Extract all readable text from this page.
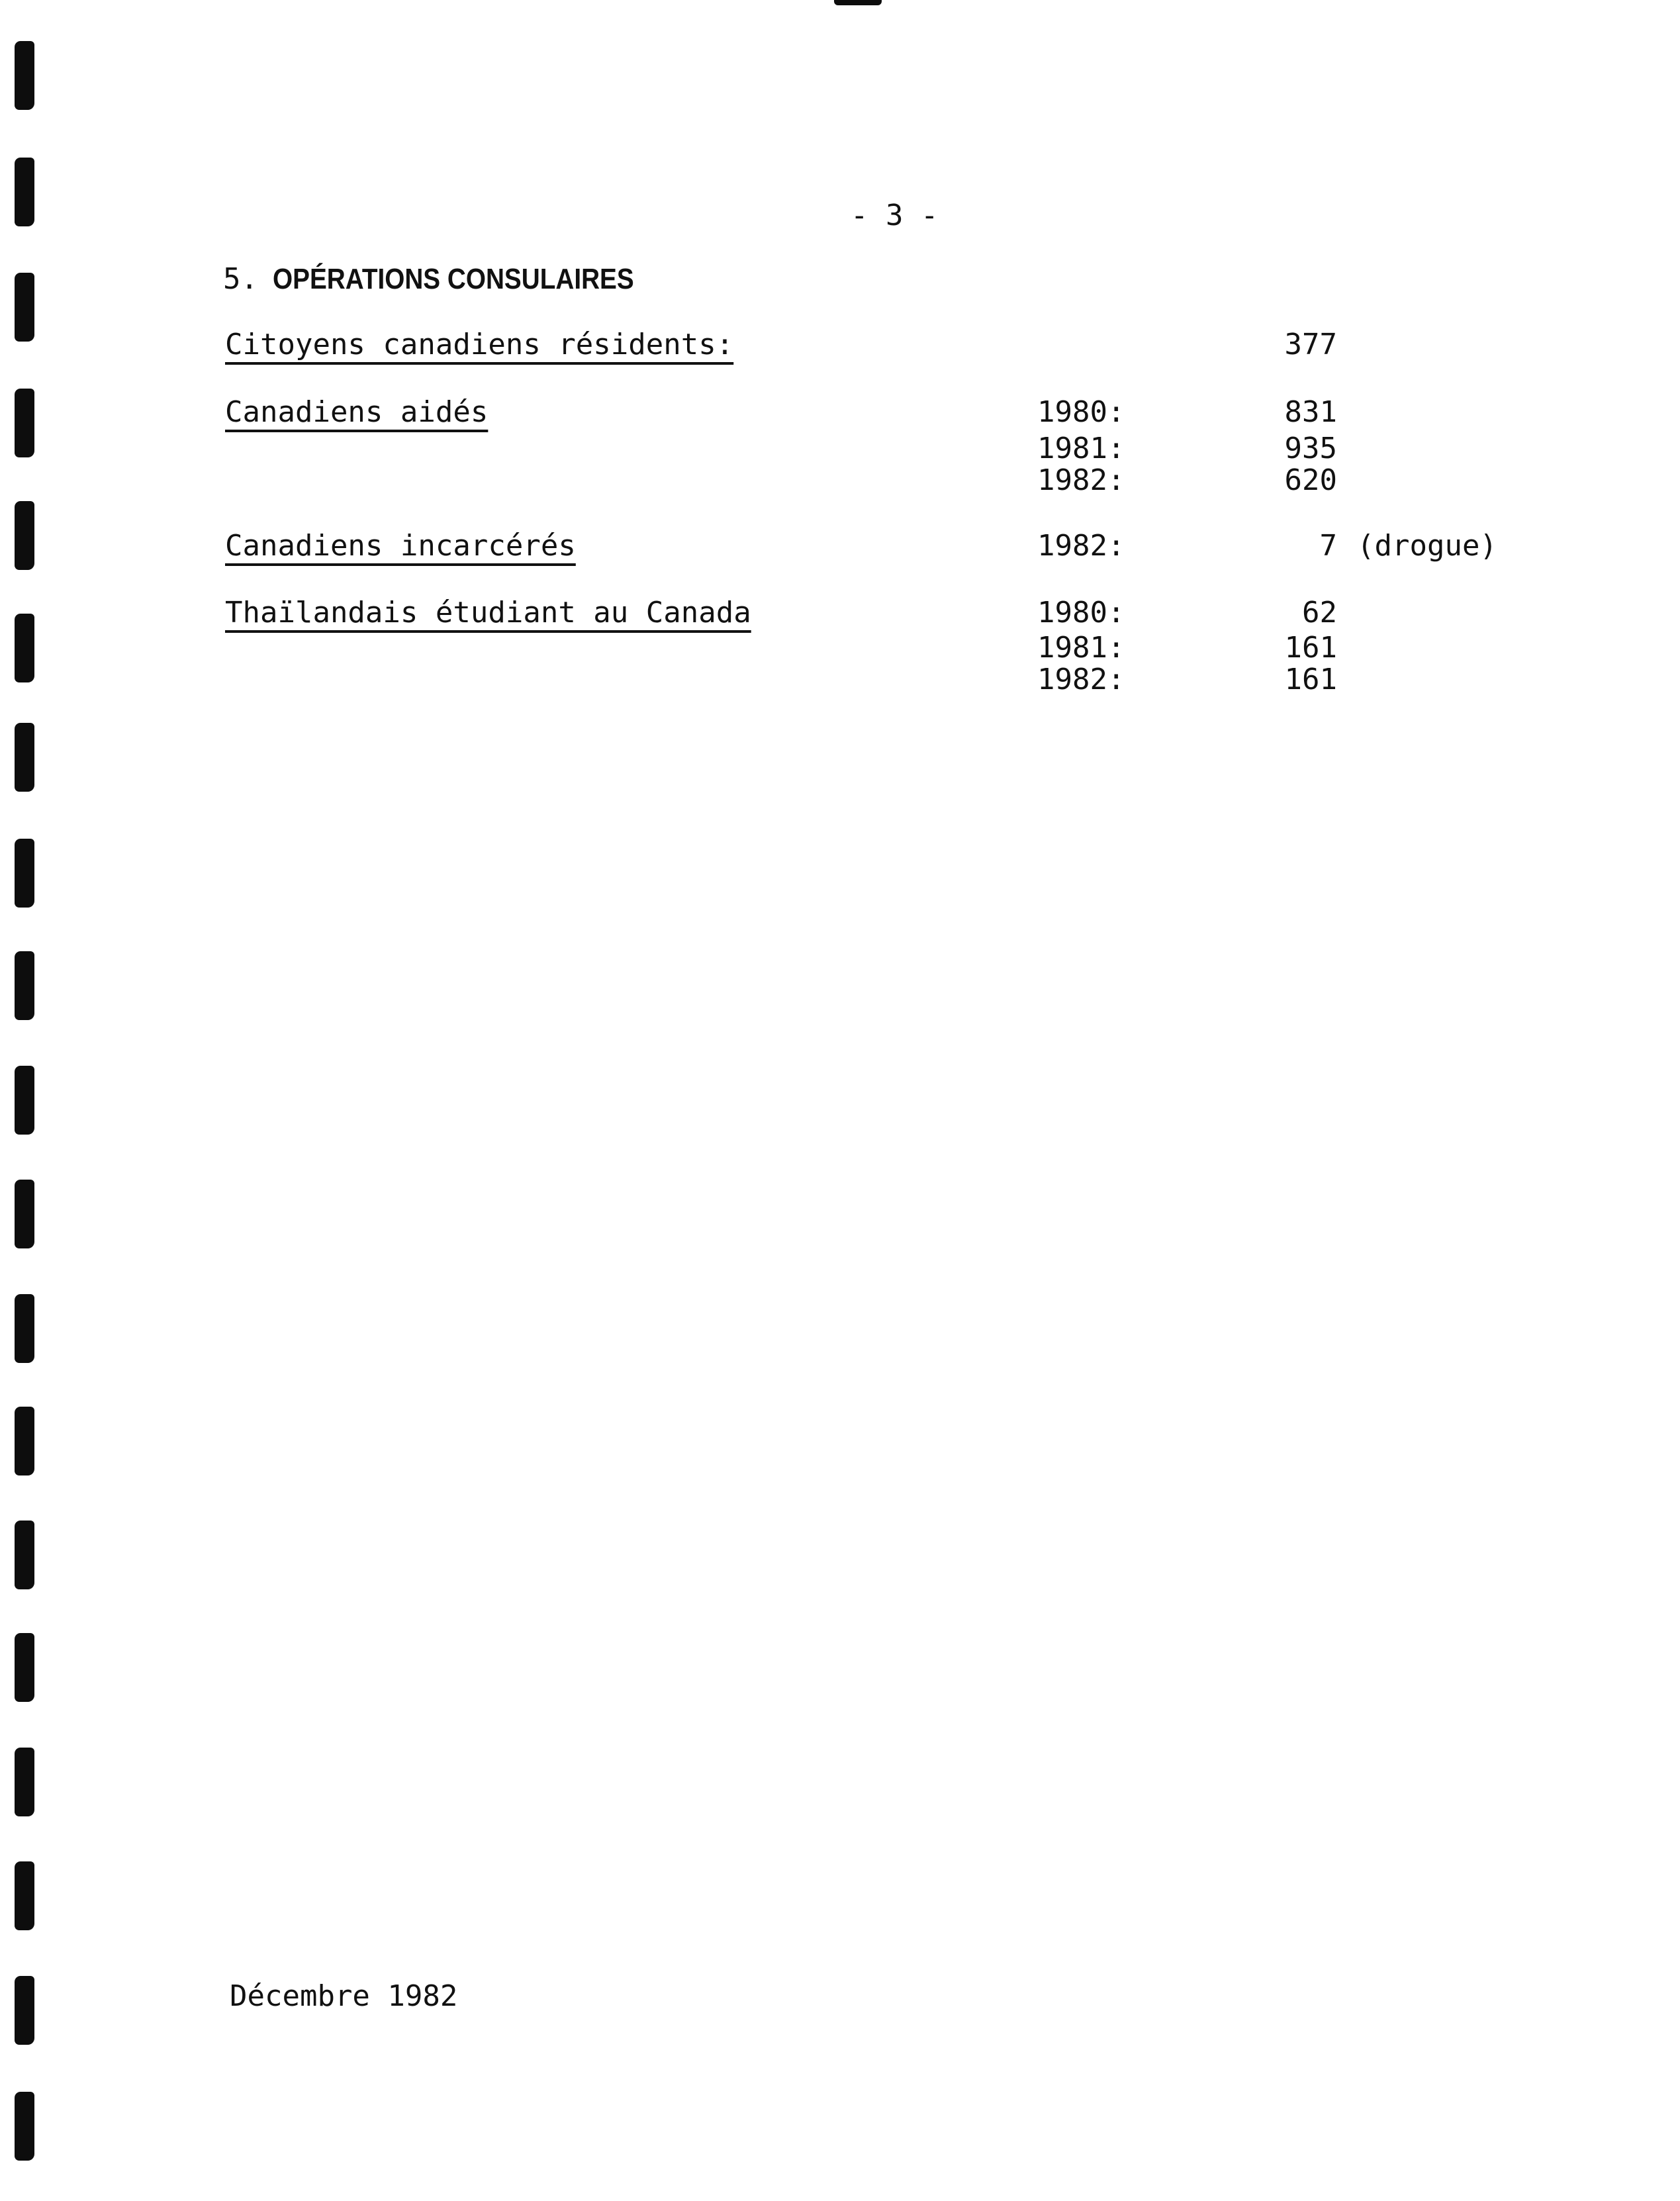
- 3 -
5. OPÉRATIONS CONSULAIRES
Citoyens canadiens résidents:	377
Canadiens aidés	1980:	831
1981:	935
1982:	620
Canadiens incarcérés	1982:	7 (drogue)
Thaïlandais étudiant au Canada	1980:	62
1981:	161
1982:	161
Décembre 1982
